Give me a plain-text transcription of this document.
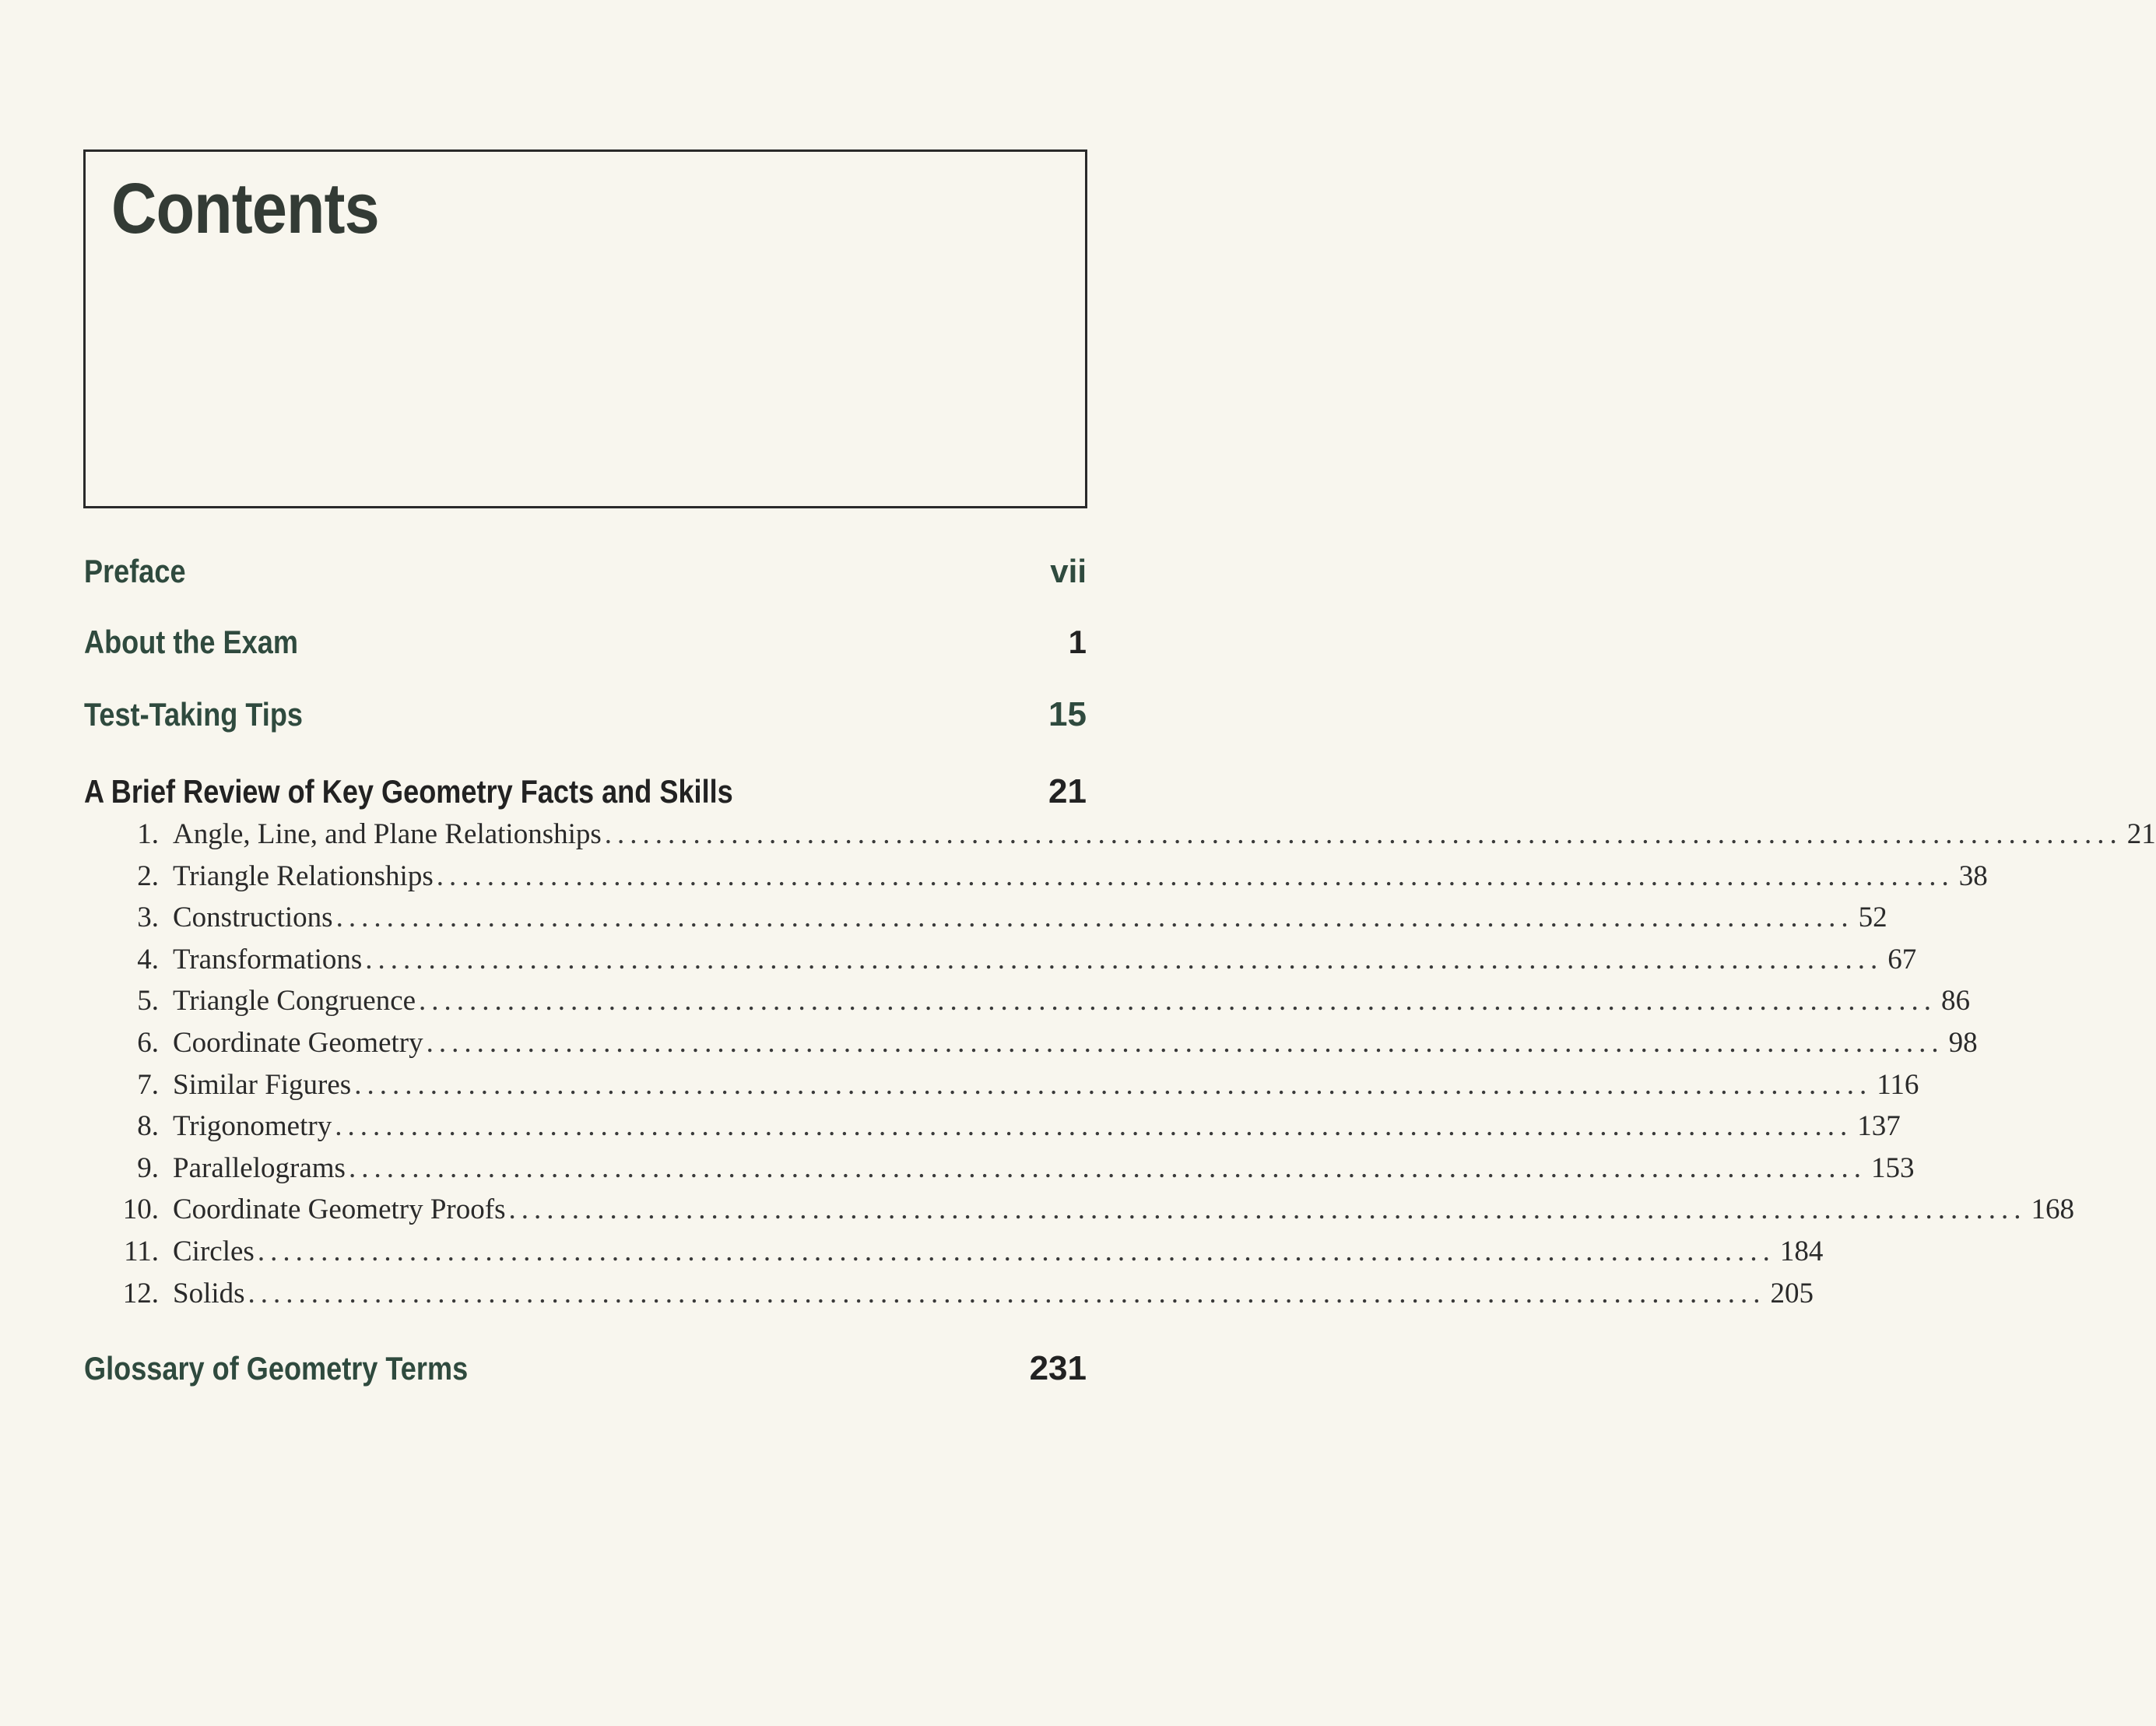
Contents
Preface	vii
About the Exam	1
Test-Taking Tips	15
A Brief Review of Key Geometry Facts and Skills	21
1. Angle, Line, and Plane Relationships ........................................................................................................................ 21
2. Triangle Relationships ........................................................................................................................ 38
3. Constructions ........................................................................................................................ 52
4. Transformations ........................................................................................................................ 67
5. Triangle Congruence ........................................................................................................................ 86
6. Coordinate Geometry ........................................................................................................................ 98
7. Similar Figures ........................................................................................................................ 116
8. Trigonometry ........................................................................................................................ 137
9. Parallelograms ........................................................................................................................ 153
10. Coordinate Geometry Proofs ........................................................................................................................ 168
11. Circles ........................................................................................................................ 184
12. Solids ........................................................................................................................ 205
Glossary of Geometry Terms	231
